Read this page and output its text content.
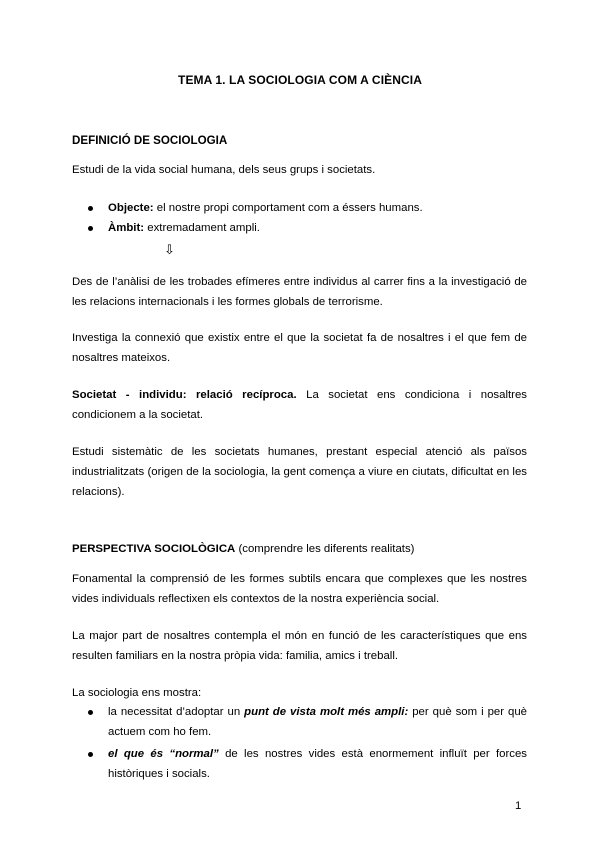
TEMA 1. LA SOCIOLOGIA COM A CIÈNCIA
DEFINICIÓ DE SOCIOLOGIA
Estudi de la vida social humana, dels seus grups i societats.
Objecte: el nostre propi comportament com a éssers humans.
Àmbit: extremadament ampli.
⇩
Des de l’anàlisi de les trobades efímeres entre individus al carrer fins a la investigació de les relacions internacionals i les formes globals de terrorisme.
Investiga la connexió que existix entre el que la societat fa de nosaltres i el que fem de nosaltres mateixos.
Societat - individu: relació recíproca. La societat ens condiciona i nosaltres condicionem a la societat.
Estudi sistemàtic de les societats humanes, prestant especial atenció als països industrialitzats (origen de la sociologia, la gent comença a viure en ciutats, dificultat en les relacions).
PERSPECTIVA SOCIOLÒGICA (comprendre les diferents realitats)
Fonamental la comprensió de les formes subtils encara que complexes que les nostres vides individuals reflectixen els contextos de la nostra experiència social.
La major part de nosaltres contempla el món en funció de les característiques que ens resulten familiars en la nostra pròpia vida: familia, amics i treball.
La sociologia ens mostra:
la necessitat d’adoptar un punt de vista molt més ampli: per què som i per què actuem com ho fem.
el que és “normal” de les nostres vides està enormement influït per forces històriques i socials.
1
